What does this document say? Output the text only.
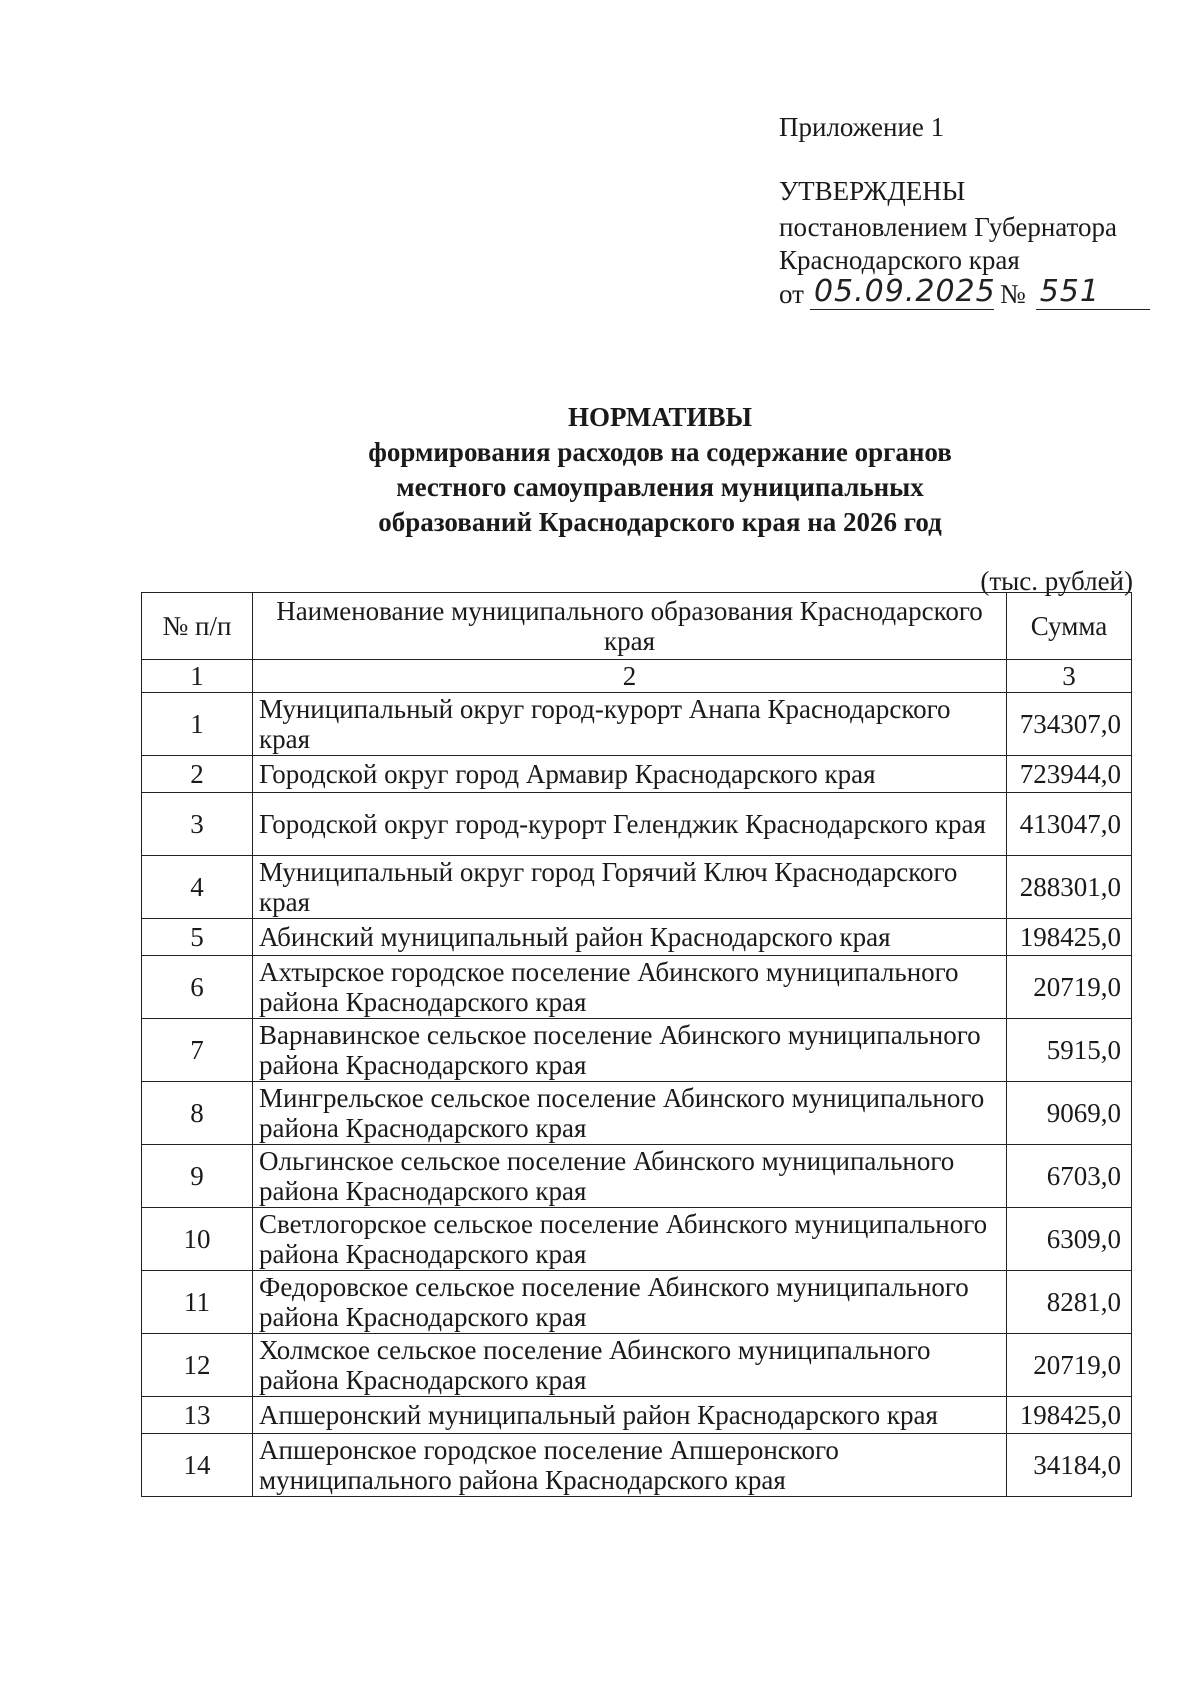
Приложение 1
УТВЕРЖДЕНЫ
постановлением Губернатора
Краснодарского края
от 05.09.2025 № 551
НОРМАТИВЫ
формирования расходов на содержание органов
местного самоуправления муниципальных
образований Краснодарского края на 2026 год
(тыс. рублей)
№ п/п	Наименование муниципального образования Краснодарского края	Сумма
1	2	3
1	Муниципальный округ город-курорт Анапа Краснодарского края	734307,0
2	Городской округ город Армавир Краснодарского края	723944,0
3	Городской округ город-курорт Геленджик Краснодарского края	413047,0
4	Муниципальный округ город Горячий Ключ Краснодарского края	288301,0
5	Абинский муниципальный район Краснодарского края	198425,0
6	Ахтырское городское поселение Абинского муниципального района Краснодарского края	20719,0
7	Варнавинское сельское поселение Абинского муниципального района Краснодарского края	5915,0
8	Мингрельское сельское поселение Абинского муниципального района Краснодарского края	9069,0
9	Ольгинское сельское поселение Абинского муниципального района Краснодарского края	6703,0
10	Светлогорское сельское поселение Абинского муниципального района Краснодарского края	6309,0
11	Федоровское сельское поселение Абинского муниципального района Краснодарского края	8281,0
12	Холмское сельское поселение Абинского муниципального района Краснодарского края	20719,0
13	Апшеронский муниципальный район Краснодарского края	198425,0
14	Апшеронское городское поселение Апшеронского муниципального района Краснодарского края	34184,0
